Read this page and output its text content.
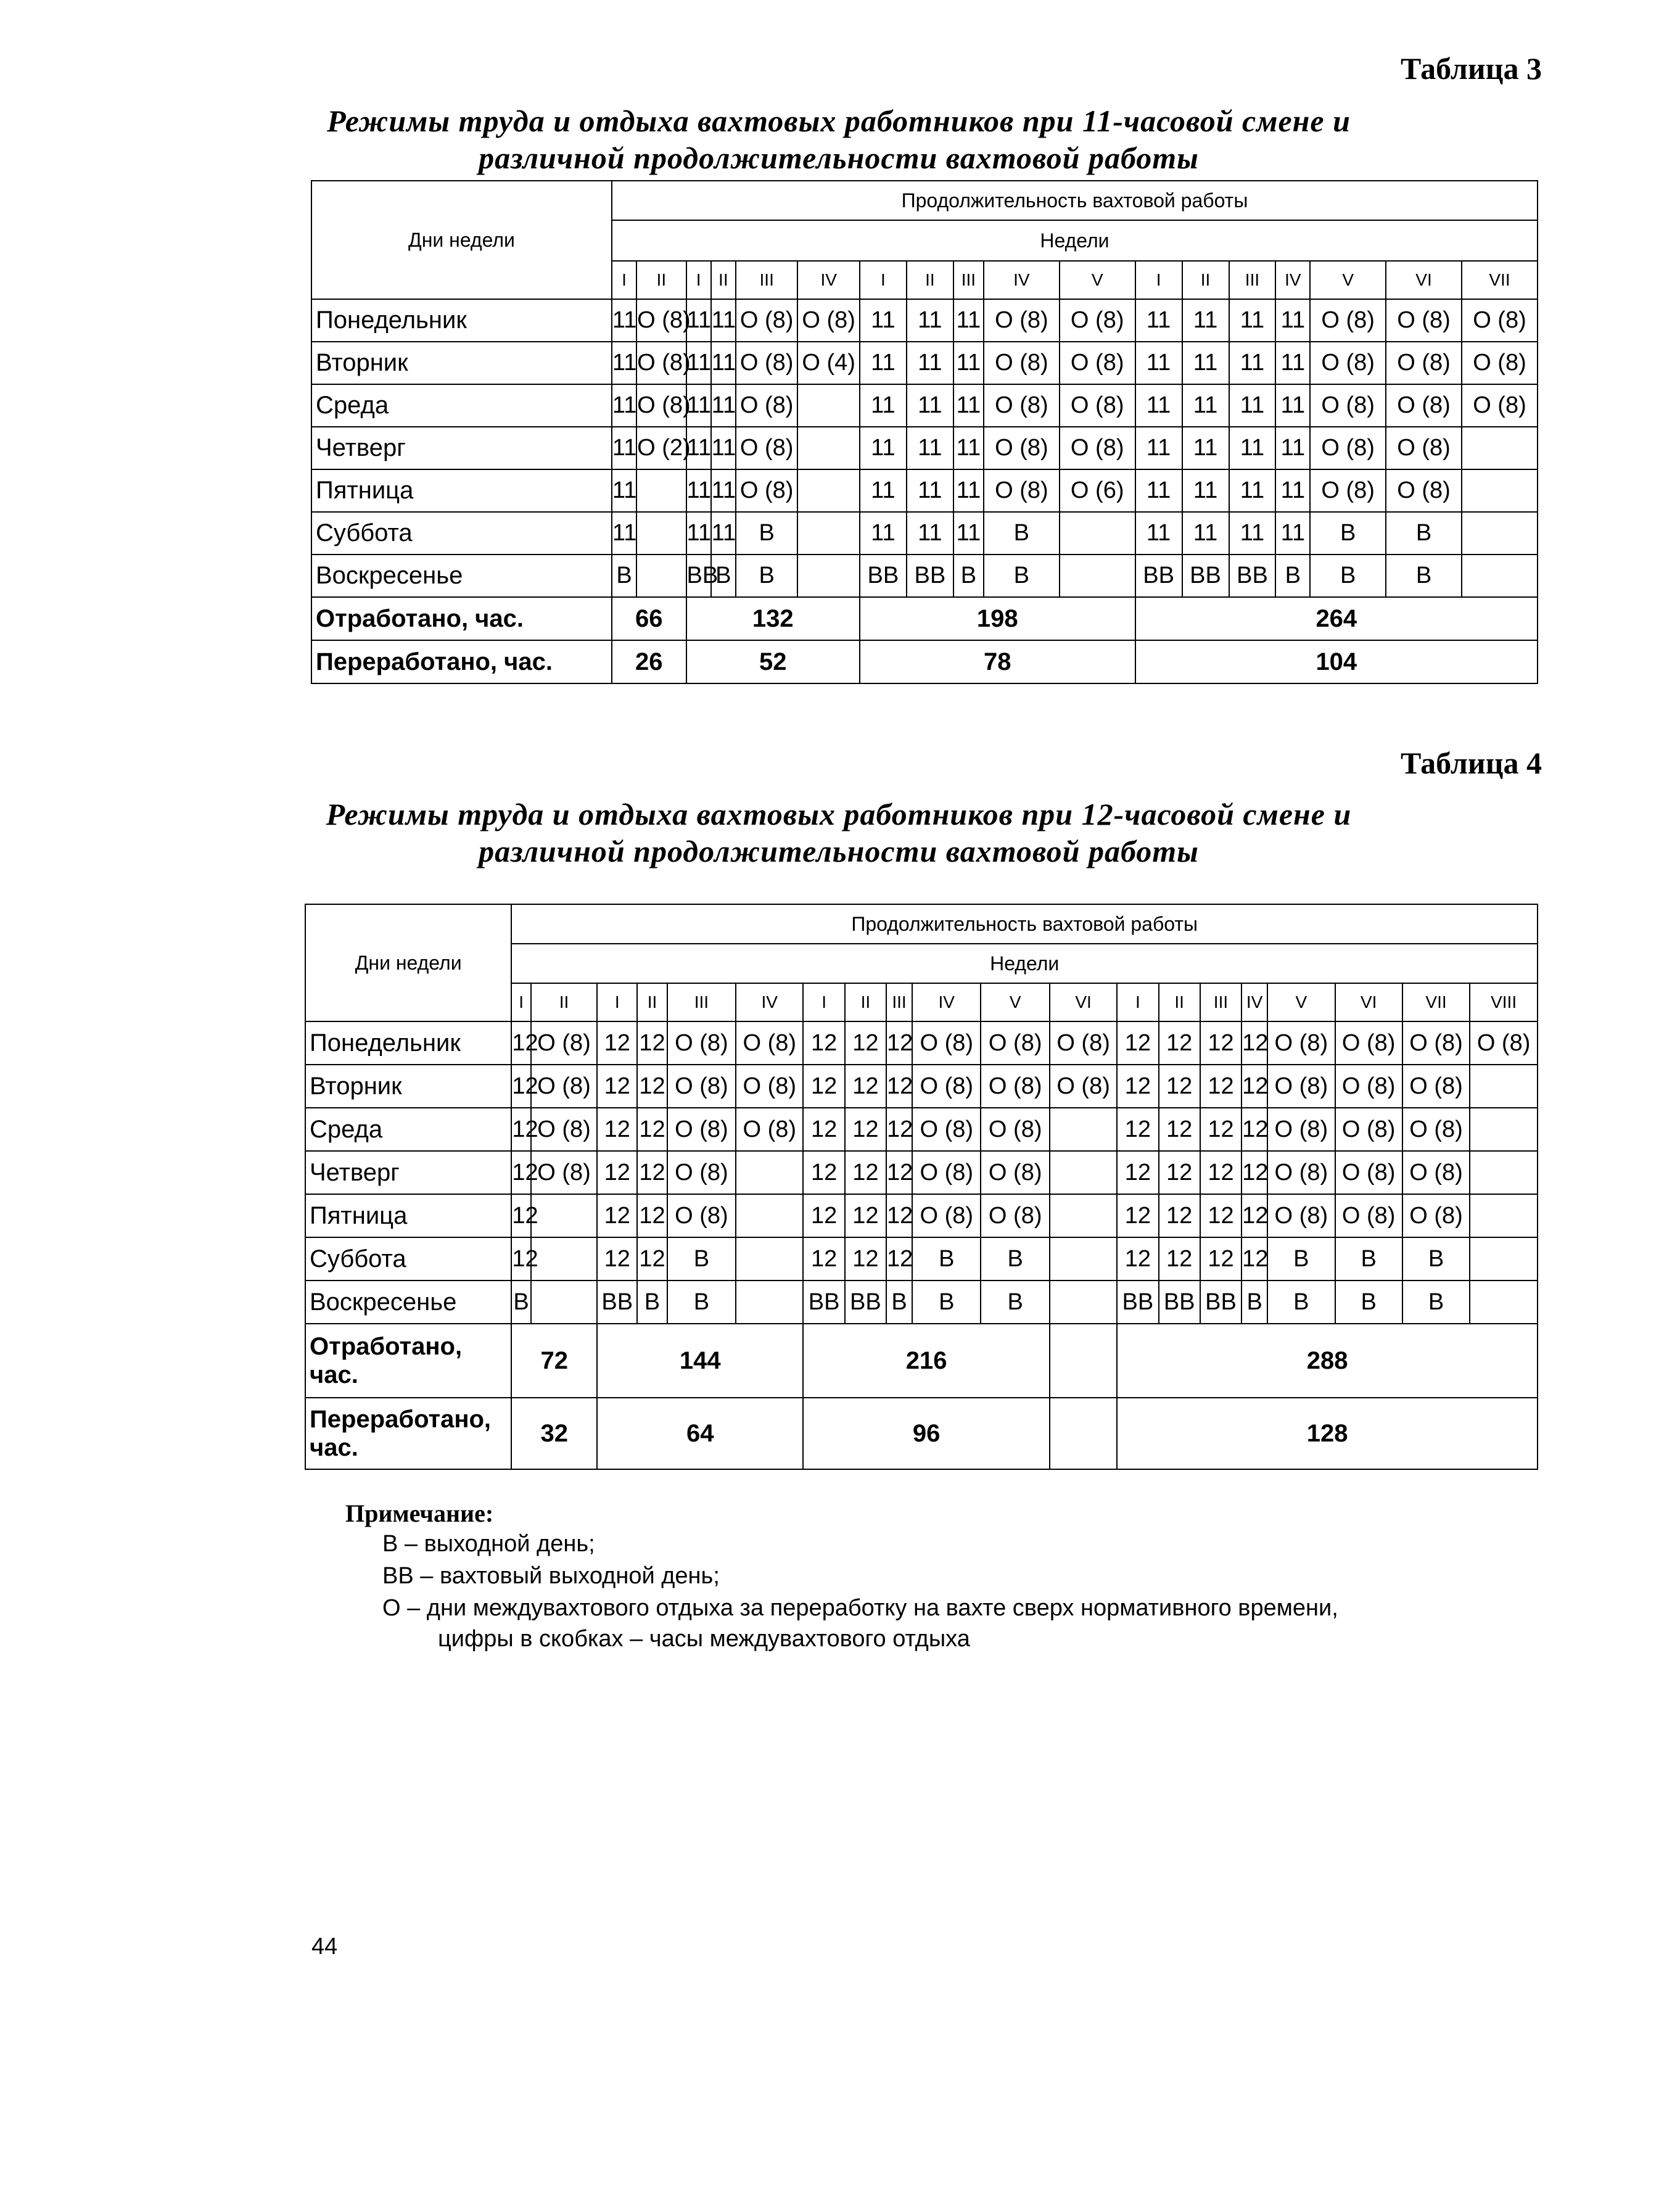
Таблица 3
Режимы труда и отдыха вахтовых работников при 11-часовой смене и
различной продолжительности вахтовой работы
Дни недели	Продолжительность вахтовой работы																	
	Недели																	
	I	II	I	II	III	IV	I	II	III	IV	V	I	II	III	IV	V	VI	VII
Понедельник	11	О (8)	11	11	О (8)	О (8)	11	11	11	О (8)	О (8)	11	11	11	11	О (8)	О (8)	О (8)
Вторник	11	О (8)	11	11	О (8)	О (4)	11	11	11	О (8)	О (8)	11	11	11	11	О (8)	О (8)	О (8)
Среда	11	О (8)	11	11	О (8)		11	11	11	О (8)	О (8)	11	11	11	11	О (8)	О (8)	О (8)
Четверг	11	О (2)	11	11	О (8)		11	11	11	О (8)	О (8)	11	11	11	11	О (8)	О (8)	
Пятница	11		11	11	О (8)		11	11	11	О (8)	О (6)	11	11	11	11	О (8)	О (8)	
Суббота	11		11	11	В		11	11	11	В		11	11	11	11	В	В	
Воскресенье	В		ВВ	В	В		ВВ	ВВ	В	В		ВВ	ВВ	ВВ	В	В	В	
Отработано, час.	66		132				198					264						
Переработано, час.	26		52				78					104						
Таблица 4
Режимы труда и отдыха вахтовых работников при 12-часовой смене и
различной продолжительности вахтовой работы
Дни недели	Продолжительность вахтовой работы																			
	Недели																			
	I	II	I	II	III	IV	I	II	III	IV	V	VI	I	II	III	IV	V	VI	VII	VIII
Понедельник	12	О (8)	12	12	О (8)	О (8)	12	12	12	О (8)	О (8)	О (8)	12	12	12	12	О (8)	О (8)	О (8)	О (8)
Вторник	12	О (8)	12	12	О (8)	О (8)	12	12	12	О (8)	О (8)	О (8)	12	12	12	12	О (8)	О (8)	О (8)	
Среда	12	О (8)	12	12	О (8)	О (8)	12	12	12	О (8)	О (8)		12	12	12	12	О (8)	О (8)	О (8)	
Четверг	12	О (8)	12	12	О (8)		12	12	12	О (8)	О (8)		12	12	12	12	О (8)	О (8)	О (8)	
Пятница	12		12	12	О (8)		12	12	12	О (8)	О (8)		12	12	12	12	О (8)	О (8)	О (8)	
Суббота	12		12	12	В		12	12	12	В	В		12	12	12	12	В	В	В	
Воскресенье	В		ВВ	В	В		ВВ	ВВ	В	В	В		ВВ	ВВ	ВВ	В	В	В	В	
Отработано, час.	72		144				216						288							
Переработано, час.	32		64				96						128							
Примечание:
В – выходной день;
ВВ – вахтовый выходной день;
О – дни междувахтового отдыха за переработку на вахте сверх нормативного времени,
цифры в скобках – часы междувахтового отдыха
44
